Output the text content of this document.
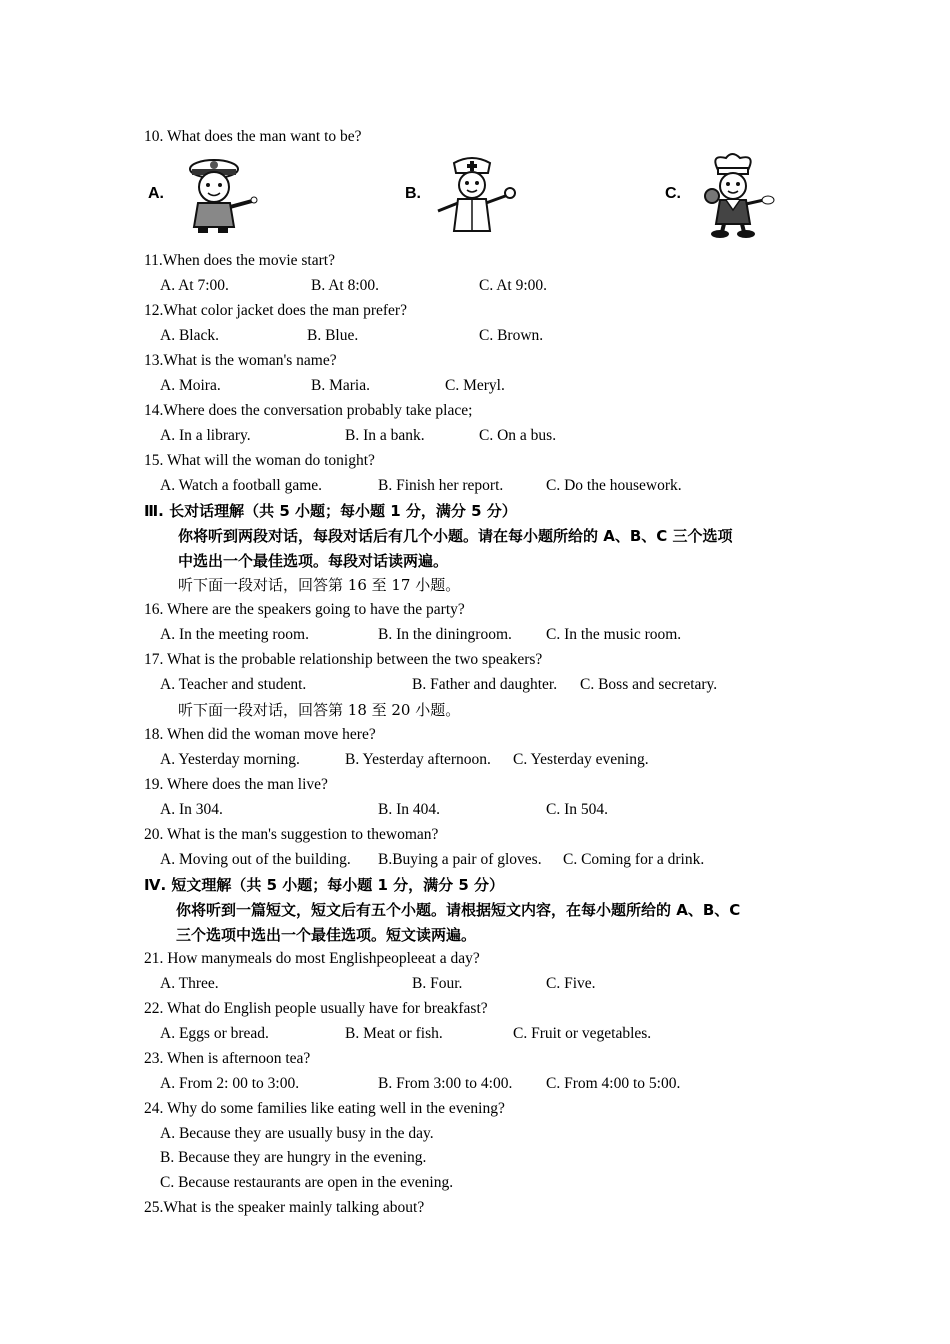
10. What does the man want to be?
A.	B.	C.
11.When does the movie start?
A. At 7:00.	B. At 8:00.	C. At 9:00.
12.What color jacket does the man prefer?
A. Black.	B. Blue.	C. Brown.
13.What is the woman's name?
A. Moira.	B. Maria.	C. Meryl.
14.Where does the conversation probably take place;
A. In a library.	B. In a bank.	C. On a bus.
15. What will the woman do tonight?
A. Watch a football game.	B. Finish her report.	C. Do the housework.
Ⅲ. 长对话理解（共 5 小题；每小题 1 分，满分 5 分）
你将听到两段对话，每段对话后有几个小题。请在每小题所给的 A、B、C 三个选项
中选出一个最佳选项。每段对话读两遍。
听下面一段对话，回答第 16 至 17 小题。
16. Where are the speakers going to have the party?
A. In the meeting room.	B. In the diningroom. C. In the music room.
17. What is the probable relationship between the two speakers?
A. Teacher and student.	B. Father and daughter. C. Boss and secretary.
听下面一段对话，回答第 18 至 20 小题。
18. When did the woman move here?
A. Yesterday morning.	B. Yesterday afternoon. C. Yesterday evening.
19. Where does the man live?
A. In 304.	B. In 404.	C. In 504.
20. What is the man's suggestion to thewoman?
A. Moving out of the building. B.Buying a pair of gloves. C. Coming for a drink.
Ⅳ. 短文理解（共 5 小题；每小题 1 分，满分 5 分）
你将听到一篇短文，短文后有五个小题。请根据短文内容，在每小题所给的 A、B、C
三个选项中选出一个最佳选项。短文读两遍。
21. How manymeals do most Englishpeopleeat a day?
A. Three.	B. Four.	C. Five.
22. What do English people usually have for breakfast?
A. Eggs or bread.	B. Meat or fish.	C. Fruit or vegetables.
23. When is afternoon tea?
A. From 2: 00 to 3:00.	B. From 3:00 to 4:00. C. From 4:00 to 5:00.
24. Why do some families like eating well in the evening?
A. Because they are usually busy in the day.
B. Because they are hungry in the evening.
C. Because restaurants are open in the evening.
25.What is the speaker mainly talking about?
